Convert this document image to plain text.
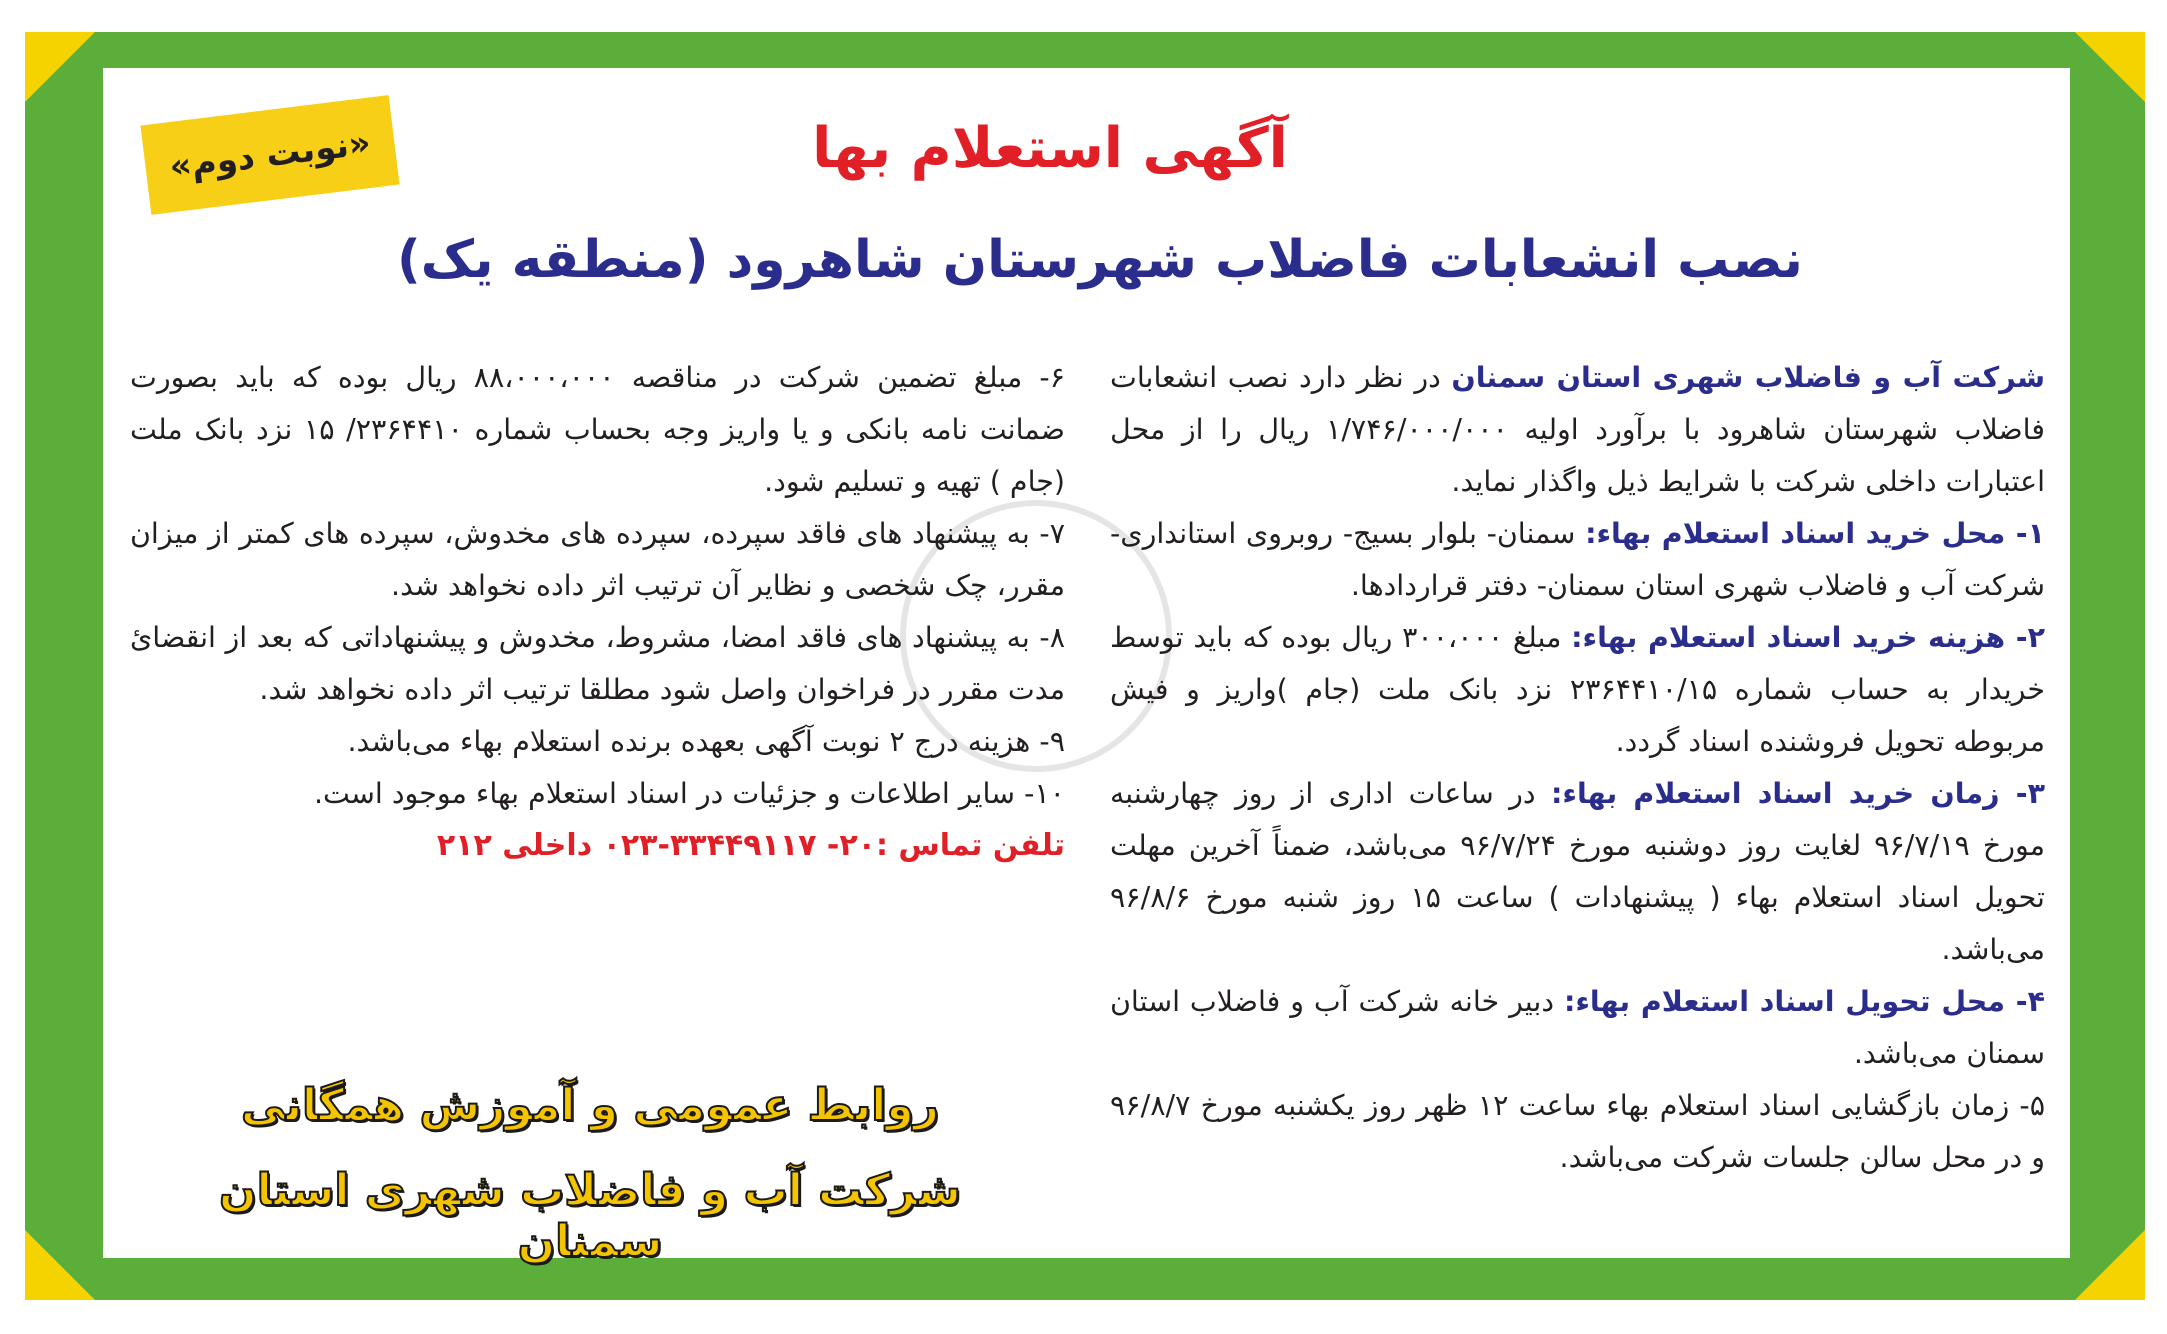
«نوبت دوم»	آگهی استعلام بها
نصب انشعابات فاضلاب شهرستان شاهرود (منطقه یک)

شرکت آب و فاضلاب شهری استان سمنان در نظر دارد نصب انشعابات فاضلاب شهرستان شاهرود با برآورد اولیه ۱/۷۴۶/۰۰۰/۰۰۰ ریال را از محل اعتبارات داخلی شرکت با شرایط ذیل واگذار نماید.

۱- محل خرید اسناد استعلام بهاء: سمنان- بلوار بسیج- روبروی استانداری- شرکت آب و فاضلاب شهری استان سمنان- دفتر قراردادها.

۲- هزینه خرید اسناد استعلام بهاء: مبلغ ۳۰۰،۰۰۰ ریال بوده که باید توسط خریدار به حساب شماره ۲۳۶۴۴۱۰/۱۵ نزد بانک ملت (جام )واریز و فیش مربوطه تحویل فروشنده اسناد گردد.

۳- زمان خرید اسناد استعلام بهاء: در ساعات اداری از روز چهارشنبه مورخ ۹۶/۷/۱۹ لغایت روز دوشنبه مورخ ۹۶/۷/۲۴ می‌باشد، ضمناً آخرین مهلت تحویل اسناد استعلام بهاء ( پیشنهادات ) ساعت ۱۵ روز شنبه مورخ ۹۶/۸/۶ می‌باشد.

۴- محل تحویل اسناد استعلام بهاء: دبیر خانه شرکت آب و فاضلاب استان سمنان می‌باشد.

۵- زمان بازگشایی اسناد استعلام بهاء ساعت ۱۲ ظهر روز یکشنبه مورخ ۹۶/۸/۷ و در محل سالن جلسات شرکت می‌باشد.

۶- مبلغ تضمین شرکت در مناقصه ۸۸،۰۰۰،۰۰۰ ریال بوده که باید بصورت ضمانت نامه بانکی و یا واریز وجه بحساب شماره ۲۳۶۴۴۱۰/ ۱۵ نزد بانک ملت (جام ) تهیه و تسلیم شود.

۷- به پیشنهاد های فاقد سپرده، سپرده های مخدوش، سپرده های کمتر از میزان مقرر، چک شخصی و نظایر آن ترتیب اثر داده نخواهد شد.

۸- به پیشنهاد های فاقد امضا، مشروط، مخدوش و پیشنهاداتی که بعد از انقضائ مدت مقرر در فراخوان واصل شود مطلقا ترتیب اثر داده نخواهد شد.

۹- هزینه درج ۲ نوبت آگهی بعهده برنده استعلام بهاء می‌باشد.

۱۰- سایر اطلاعات و جزئیات در اسناد استعلام بهاء موجود است.

تلفن تماس :۲۰- ۳۳۴۴۹۱۱۷-۰۲۳ داخلی ۲۱۲

روابط عمومی و آموزش همگانی
شرکت آب و فاضلاب شهری استان سمنان
